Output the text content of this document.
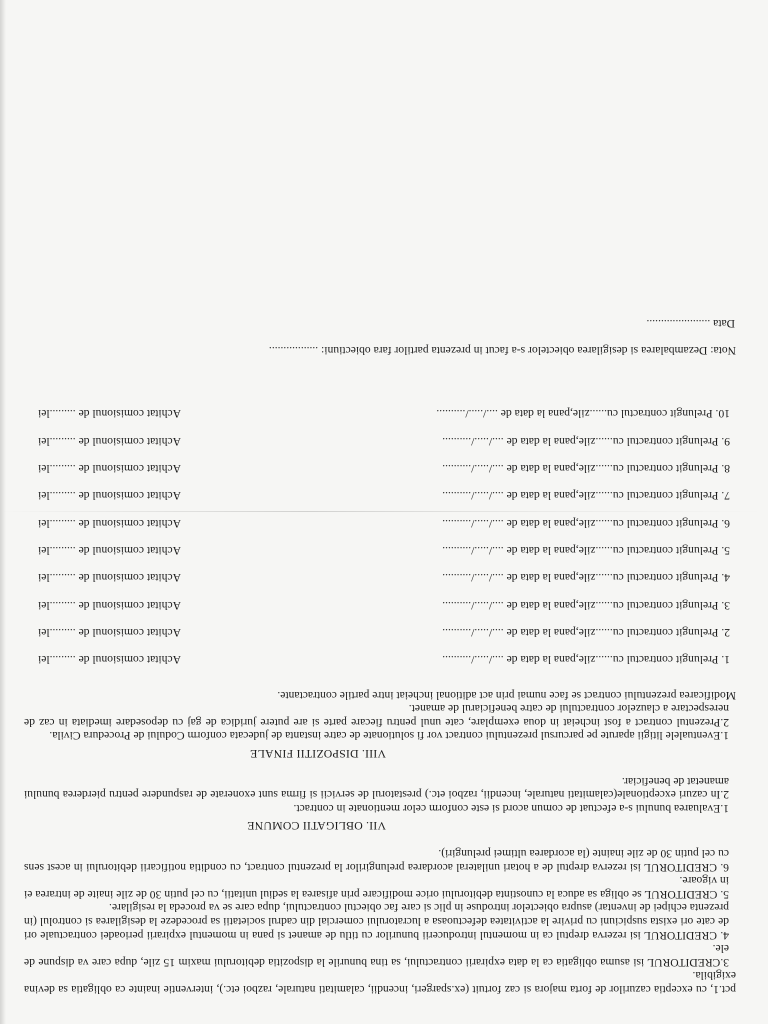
pct.1, cu exceptia cazurilor de forta majora si caz fortuit (ex.spargeri, incendii, calamitati naturale, razboi etc.), interventie inainte ca obligatia sa devina exigibila.

3.CREDITORUL isi asuma obligatia ca la data expirarii contractului, sa tina bunurile la dispozitia debitorului maxim 15 zile, dupa care va dispune de ele.

4. CREDITORUL isi rezerva dreptul ca in momentul introducerii bunurilor cu titlu de amanet si pana in momentul expirarii perioadei contractuale ori de cate ori exista suspiciuni cu privire la activitatea defectuoasa a lucratorului comercial din cadrul societatii sa procedeze la desigilarea si controlul (in prezenta echipei de inventar) asupra obiectelor introduse in plic si care fac obiectul contractului, dupa care se va proceda la resigilare.

5. CREDITORUL se obliga sa aduca la cunostinta debitorului orice modificare prin afisarea la sediul unitatii, cu cel putin 30 de zile inaite de intrarea ei in vigoare.

6. CREDITORUL isi rezerva dreptul de a hotari unilateral acordarea prelungirilor la prezentul contract, cu conditia notificarii debitorului in acest sens cu cel putin 30 de zile inainte (la acordarea ultimei prelungiri).

VII. OBLIGATII COMUNE

1.Evaluarea bunului s-a efectuat de comun acord si este conform celor mentionate in contract.

2.In cazuri exceptionale(calamitati naturale, incendii, razboi etc.) prestatorul de servicii si firma sunt exonerate de raspundere pentru pierderea bunului amanetat de beneficiar.

VIII. DISPOZITII FINALE

1.Eventualele litigii aparute pe parcursul prezentului contract vor fi solutionate de catre instanta de judecata conform Codului de Procedura Civila.

2.Prezentul contract a fost incheiat in doua exemplare, cate unul pentru fiecare parte si are putere juridica de gaj cu deposedare imediata in caz de nerespectare a clauzelor contractului de catre beneficiarul de amanet.

Modificarea prezentului contract se face numai prin act aditional incheiat intre partile contractante.

1. Prelungit contractul cu......zile,pana la data de ..../...../..........
Achitat comisionul de .........lei
2. Prelungit contractul cu......zile,pana la data de ..../...../..........
Achitat comisionul de .........lei
3. Prelungit contractul cu......zile,pana la data de ..../...../..........
Achitat comisionul de .........lei
4. Prelungit contractul cu......zile,pana la data de ..../...../..........
Achitat comisionul de .........lei
5. Prelungit contractul cu......zile,pana la data de ..../...../..........
Achitat comisionul de .........lei
6. Prelungit contractul cu......zile,pana la data de ..../...../..........
Achitat comisionul de .........lei
7. Prelungit contractul cu......zile,pana la data de ..../...../..........
Achitat comisionul de .........lei
8. Prelungit contractul cu......zile,pana la data de ..../...../..........
Achitat comisionul de .........lei
9. Prelungit contractul cu......zile,pana la data de ..../...../..........
Achitat comisionul de .........lei
10. Prelungit contractul cu......zile,pana la data de ..../...../..........
Achitat comisionul de .........lei

Nota: Dezambalarea si desigilarea obiectelor s-a facut in prezenta partilor fara obiectiuni: .................

Data ......................
